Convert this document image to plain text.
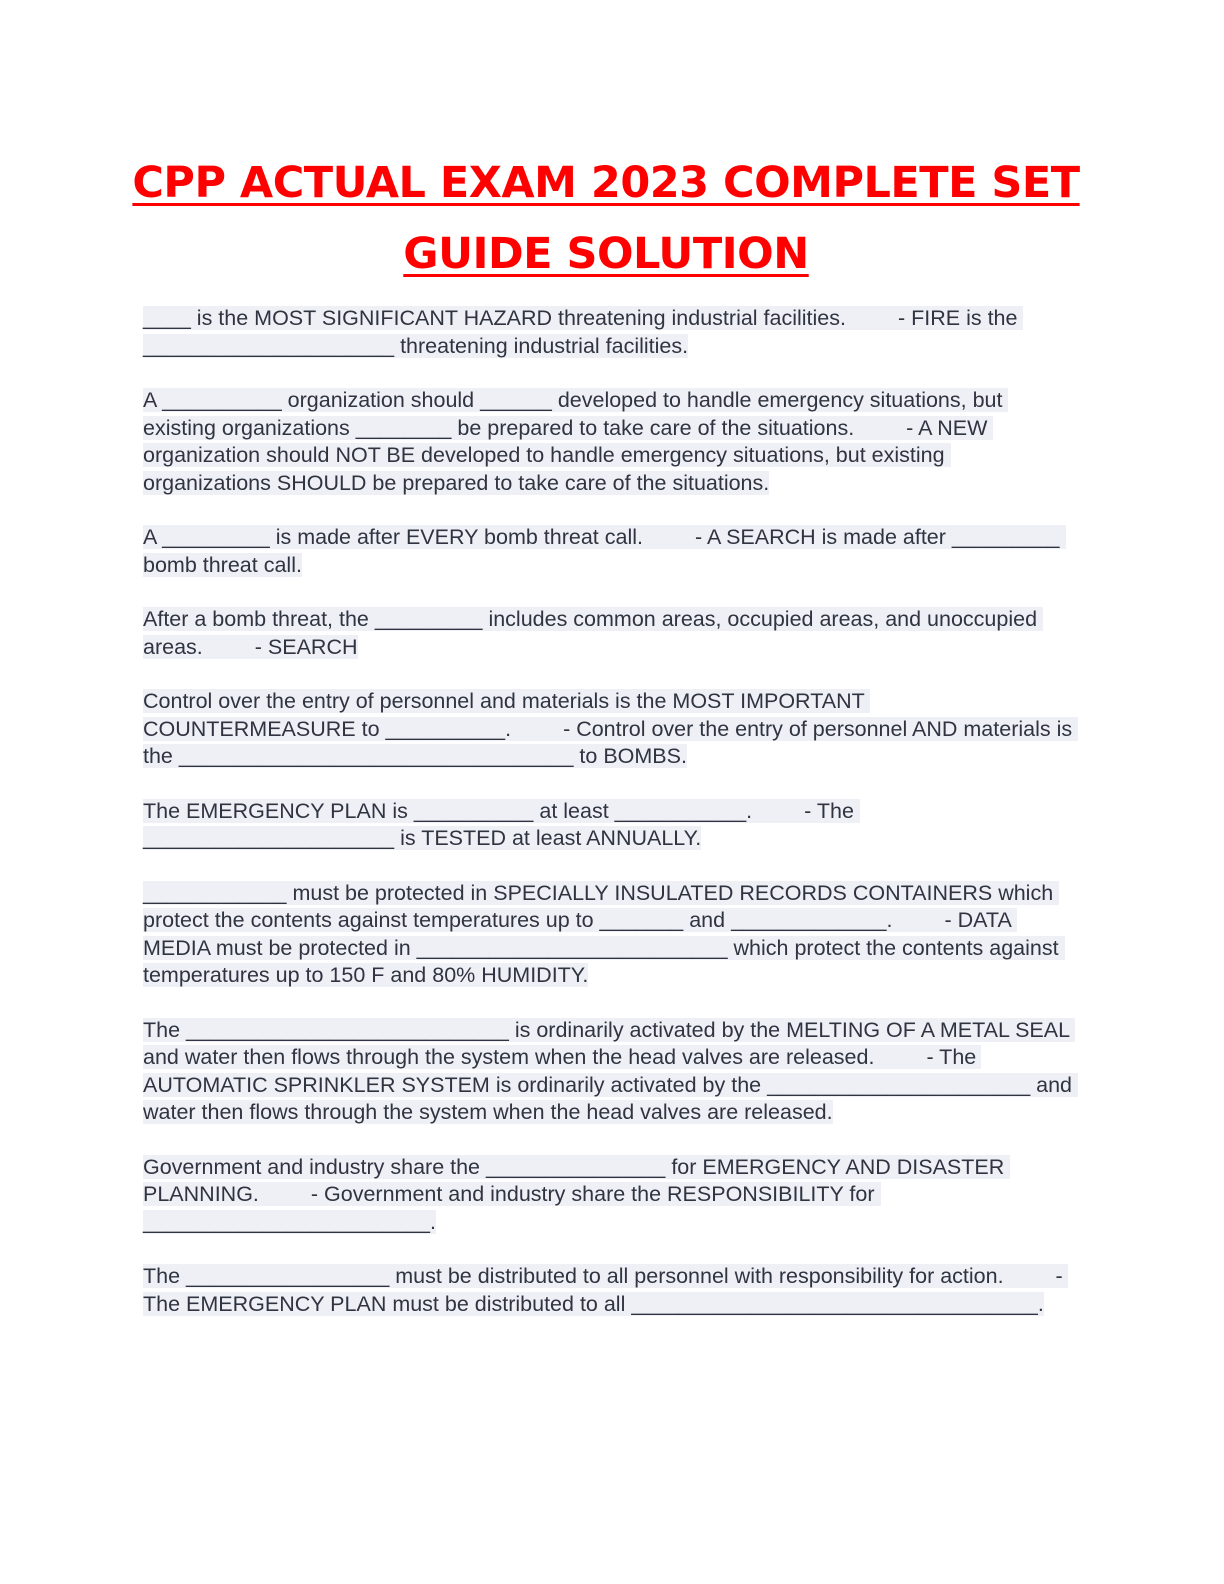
CPP ACTUAL EXAM 2023 COMPLETE SET
GUIDE SOLUTION

____ is the MOST SIGNIFICANT HAZARD threatening industrial facilities. - FIRE is the _____________________ threatening industrial facilities.

A __________ organization should ______ developed to handle emergency situations, but existing organizations ________ be prepared to take care of the situations. - A NEW organization should NOT BE developed to handle emergency situations, but existing organizations SHOULD be prepared to take care of the situations.

A _________ is made after EVERY bomb threat call. - A SEARCH is made after _________ bomb threat call.

After a bomb threat, the _________ includes common areas, occupied areas, and unoccupied areas. - SEARCH

Control over the entry of personnel and materials is the MOST IMPORTANT COUNTERMEASURE to __________. - Control over the entry of personnel AND materials is the _________________________________ to BOMBS.

The EMERGENCY PLAN is __________ at least ___________. - The _____________________ is TESTED at least ANNUALLY.

____________ must be protected in SPECIALLY INSULATED RECORDS CONTAINERS which protect the contents against temperatures up to _______ and _____________. - DATA MEDIA must be protected in __________________________ which protect the contents against temperatures up to 150 F and 80% HUMIDITY.

The ___________________________ is ordinarily activated by the MELTING OF A METAL SEAL and water then flows through the system when the head valves are released. - The AUTOMATIC SPRINKLER SYSTEM is ordinarily activated by the ______________________ and water then flows through the system when the head valves are released.

Government and industry share the _______________ for EMERGENCY AND DISASTER PLANNING. - Government and industry share the RESPONSIBILITY for ________________________.

The _________________ must be distributed to all personnel with responsibility for action. - The EMERGENCY PLAN must be distributed to all __________________________________.
